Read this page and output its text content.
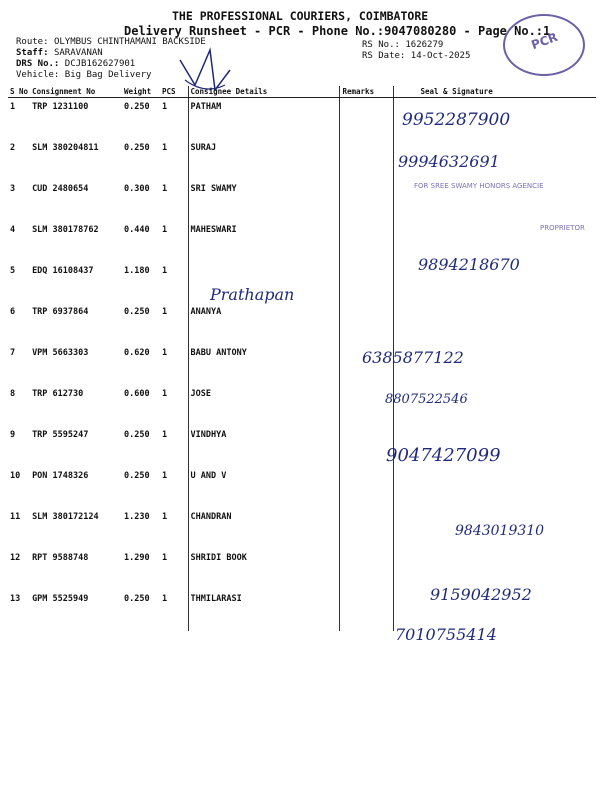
THE PROFESSIONAL COURIERS, COIMBATORE
Delivery Runsheet - PCR - Phone No.:9047080280 - Page No.:1
Route: OLYMBUS CHINTHAMANI BACKSIDE
Staff: SARAVANAN
DRS No.: DCJB162627901
Vehicle: Big Bag Delivery
RS No.: 1626279
RS Date: 14-Oct-2025
PCR
S No	Consignment No	Weight	PCS	Consignee Details	Remarks	Seal & Signature
1	TRP 1231100	0.250	1	PATHAM		
2	SLM 380204811	0.250	1	SURAJ		
3	CUD 2480654	0.300	1	SRI SWAMY		
4	SLM 380178762	0.440	1	MAHESWARI		
5	EDQ 16108437	1.180	1			
6	TRP 6937864	0.250	1	ANANYA		
7	VPM 5663303	0.620	1	BABU ANTONY		
8	TRP 612730	0.600	1	JOSE		
9	TRP 5595247	0.250	1	VINDHYA		
10	PON 1748326	0.250	1	U AND V		
11	SLM 380172124	1.230	1	CHANDRAN		
12	RPT 9588748	1.290	1	SHRIDI BOOK		
13	GPM 5525949	0.250	1	THMILARASI		
FOR SREE SWAMY HONORS AGENCIE
PROPRIETOR
9952287900
9994632691
9894218670
6385877122
8807522546
9047427099
9843019310
9159042952
7010755414
Prathapan
